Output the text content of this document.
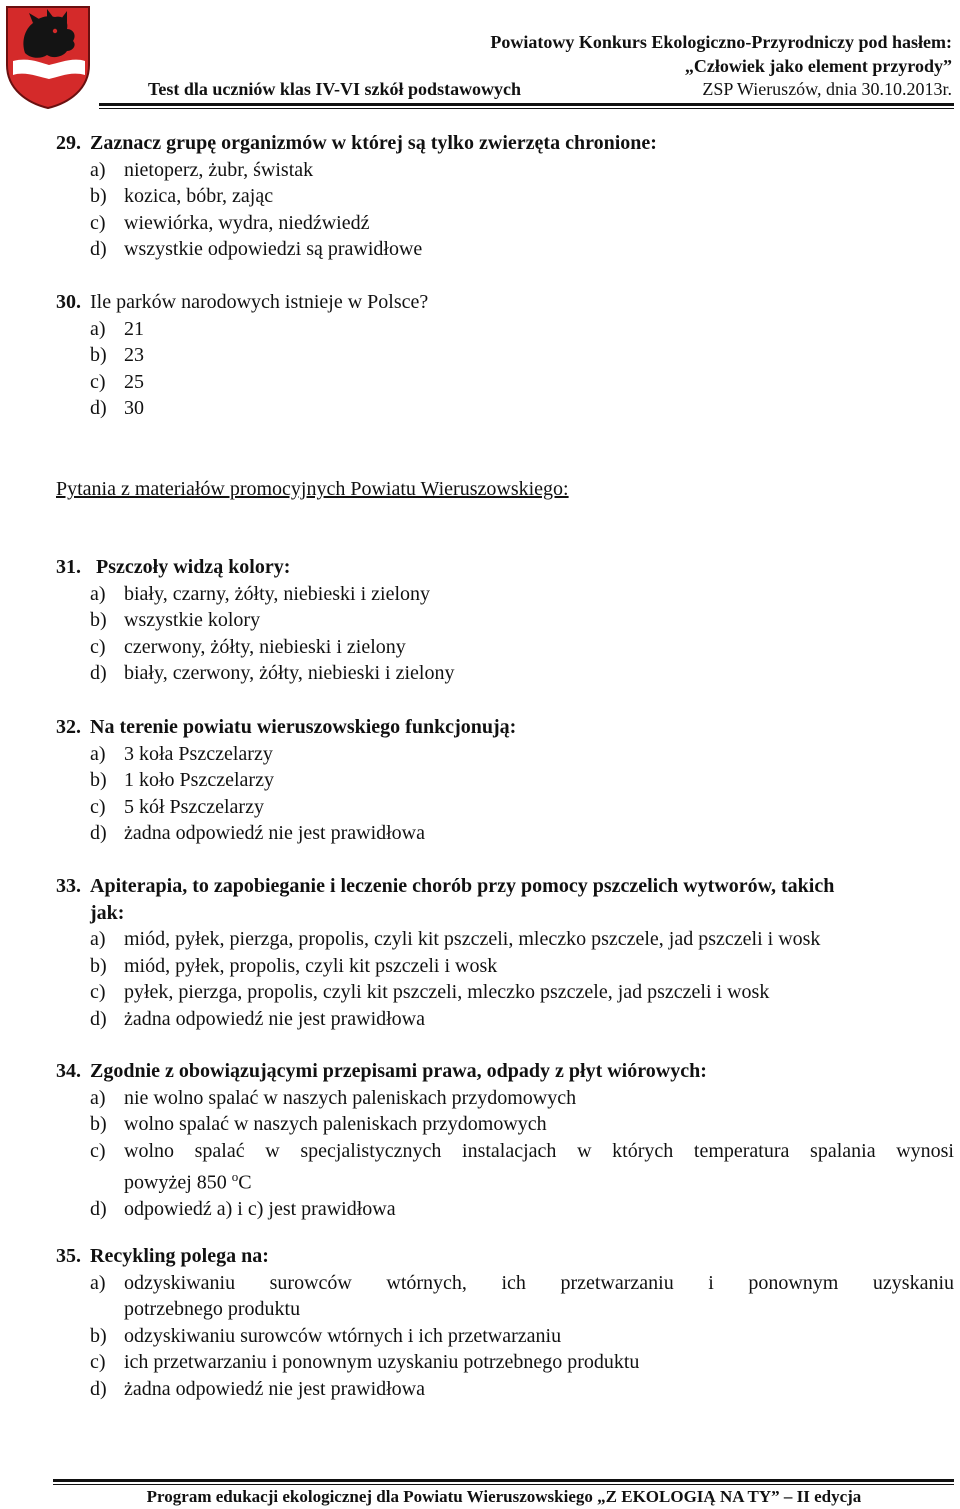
Powiatowy Konkurs Ekologiczno-Przyrodniczy pod hasłem:
„Człowiek jako element przyrody”
Test dla uczniów klas IV-VI szkół podstawowych	ZSP Wieruszów, dnia 30.10.2013r.
29. Zaznacz grupę organizmów w której są tylko zwierzęta chronione:
a) nietoperz, żubr, świstak
b) kozica, bóbr, zając
c) wiewiórka, wydra, niedźwiedź
d) wszystkie odpowiedzi są prawidłowe
30. Ile parków narodowych istnieje w Polsce?
a) 21
b) 23
c) 25
d) 30
Pytania z materiałów promocyjnych Powiatu Wieruszowskiego:
31. Pszczoły widzą kolory:
a) biały, czarny, żółty, niebieski i zielony
b) wszystkie kolory
c) czerwony, żółty, niebieski i zielony
d) biały, czerwony, żółty, niebieski i zielony
32. Na terenie powiatu wieruszowskiego funkcjonują:
a) 3 koła Pszczelarzy
b) 1 koło Pszczelarzy
c) 5 kół Pszczelarzy
d) żadna odpowiedź nie jest prawidłowa
33. Apiterapia, to zapobieganie i leczenie chorób przy pomocy pszczelich wytworów, takich
jak:
a) miód, pyłek, pierzga, propolis, czyli kit pszczeli, mleczko pszczele, jad pszczeli i wosk
b) miód, pyłek, propolis, czyli kit pszczeli i wosk
c) pyłek, pierzga, propolis, czyli kit pszczeli, mleczko pszczele, jad pszczeli i wosk
d) żadna odpowiedź nie jest prawidłowa
34. Zgodnie z obowiązującymi przepisami prawa, odpady z płyt wiórowych:
a) nie wolno spalać w naszych paleniskach przydomowych
b) wolno spalać w naszych paleniskach przydomowych
c) wolno spalać w specjalistycznych instalacjach w których temperatura spalania wynosi
powyżej 850 $^o$C
d) odpowiedź a) i c) jest prawidłowa
35. Recykling polega na:
a) odzyskiwaniu surowców wtórnych, ich przetwarzaniu i ponownym uzyskaniu
potrzebnego produktu
b) odzyskiwaniu surowców wtórnych i ich przetwarzaniu
c) ich przetwarzaniu i ponownym uzyskaniu potrzebnego produktu
d) żadna odpowiedź nie jest prawidłowa
Program edukacji ekologicznej dla Powiatu Wieruszowskiego „Z EKOLOGIĄ NA TY” – II edycja
